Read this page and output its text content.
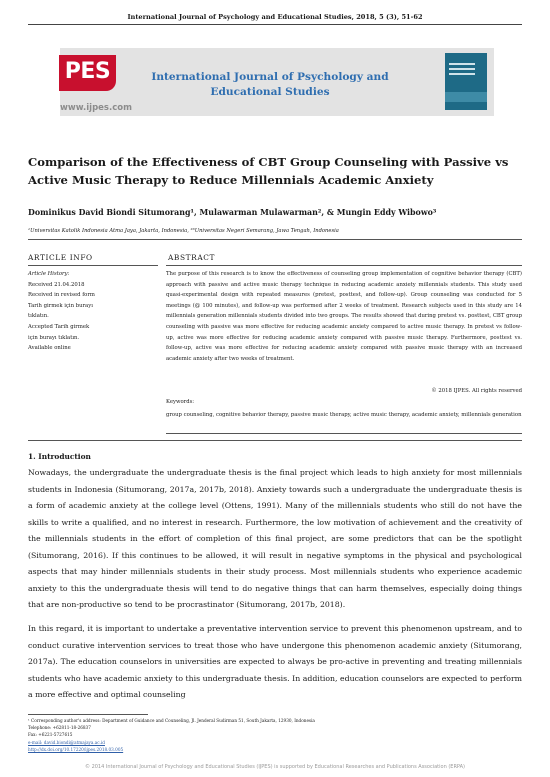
International Journal of Psychology and Educational Studies, 2018, 5 (3), 51-62
PES
www.ijpes.com
International Journal of Psychology and Educational Studies
Comparison of the Effectiveness of CBT Group Counseling with Passive vs Active Music Therapy to Reduce Millennials Academic Anxiety
Dominikus David Biondi Situmorang¹, Mulawarman Mulawarman², & Mungin Eddy Wibowo³
¹Universitas Katolik Indonesia Atma Jaya, Jakarta, Indonesia, ²³Universitas Negeri Semarang, Jawa Tengah, Indonesia
ARTICLE INFO	ABSTRACT
Article History:
Received 21.04.2018
Received in revised form
Tarih girmek için burayı
tıklatın.
Accepted Tarih girmek
için burayı tıklatın.
Available online
The purpose of this research is to know the effectiveness of counseling group implementation of cognitive behavior therapy (CBT) approach with passive and active music therapy technique in reducing academic anxiety millennials students. This study used quasi-experimental design with repeated measures (pretest, posttest, and follow-up). Group counseling was conducted for 5 meetings (@ 100 minutes), and follow-up was performed after 2 weeks of treatment. Research subjects used in this study are 14 millennials generation millennials students divided into two groups. The results showed that during pretest vs. posttest, CBT group counseling with passive was more effective for reducing academic anxiety compared to active music therapy. In pretest vs follow-up, active was more effective for reducing academic anxiety compared with passive music therapy. Furthermore, posttest vs. follow-up, active was more effective for reducing academic anxiety compared with passive music therapy with an increased academic anxiety after two weeks of treatment.
© 2018 IJPES. All rights reserved
Keywords:
group counseling, cognitive behavior therapy, passive music therapy, active music therapy, academic anxiety, millennials generation
1. Introduction
Nowadays, the undergraduate the undergraduate thesis is the final project which leads to high anxiety for most millennials students in Indonesia (Situmorang, 2017a, 2017b, 2018). Anxiety towards such a undergraduate the undergraduate thesis is a form of academic anxiety at the college level (Ottens, 1991). Many of the millennials students who still do not have the skills to write a qualified, and no interest in research. Furthermore, the low motivation of achievement and the creativity of the millennials students in the effort of completion of this final project, are some predictors that can be the spotlight (Situmorang, 2016). If this continues to be allowed, it will result in negative symptoms in the physical and psychological aspects that may hinder millennials students in their study process. Most millennials students who experience academic anxiety to this the undergraduate thesis will tend to do negative things that can harm themselves, especially doing things that are non-productive so tend to be procrastinator (Situmorang, 2017b, 2018).
In this regard, it is important to undertake a preventative intervention service to prevent this phenomenon upstream, and to conduct curative intervention services to treat those who have undergone this phenomenon academic anxiety (Situmorang, 2017a). The education counselors in universities are expected to always be pro-active in preventing and treating millennials students who have academic anxiety to this undergraduate thesis. In addition, education counselors are expected to perform a more effective and optimal counseling
¹ Corresponding author's address: Department of Guidance and Counseling, Jl. Jenderal Sudirman 51, South Jakarta, 12930, Indonesia
Telephone: +62811-18-26837
Fax: +6221-5727615
e-mail: david.biondi@atmajaya.ac.id
http://dx.doi.org/10.17220/ijpes.2018.03.005
© 2014 International Journal of Psychology and Educational Studies (IJPES) is supported by Educational Researches and Publications Association (ERPA)
